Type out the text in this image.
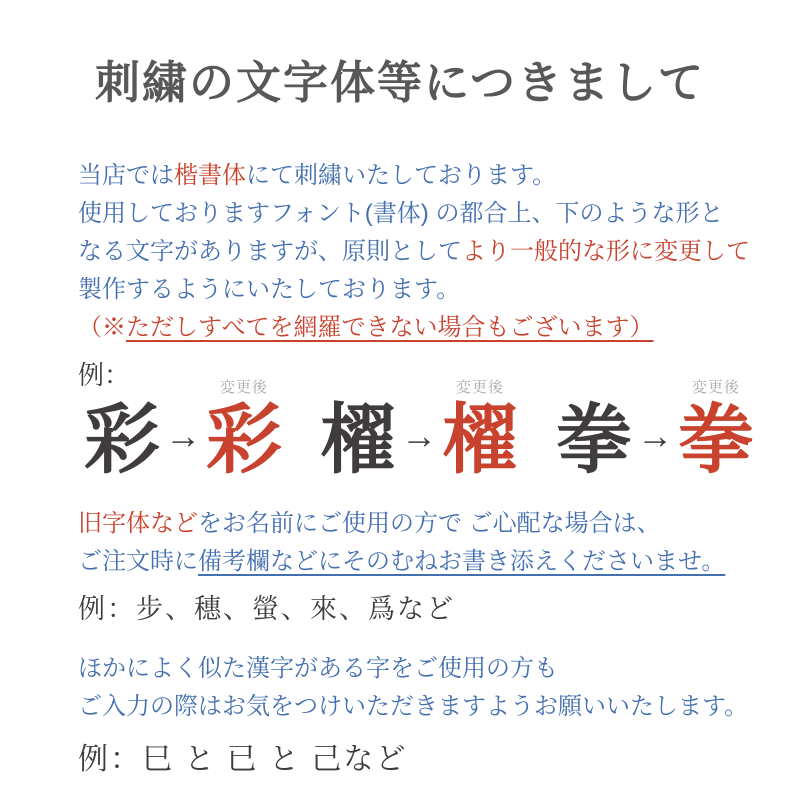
刺繍の文字体等につきまして
当店では楷書体にて刺繍いたしております。
使用しておりますフォント(書体) の都合上、下のような形と
なる文字がありますが、原則としてより一般的な形に変更して
製作するようにいたしております。
（※ただしすべてを網羅できない場合もございます）
例：
彩 →
変更後
彩 櫂 →
変更後
櫂 拳 →
変更後
拳
旧字体などをお名前にご使用の方で ご心配な場合は、
ご注文時に備考欄などにそのむねお書き添えくださいませ。
例：步、穗、螢、來、爲など
ほかによく似た漢字がある字をご使用の方も
ご入力の際はお気をつけいただきますようお願いいたします。
例：巳 と 已 と 己など
